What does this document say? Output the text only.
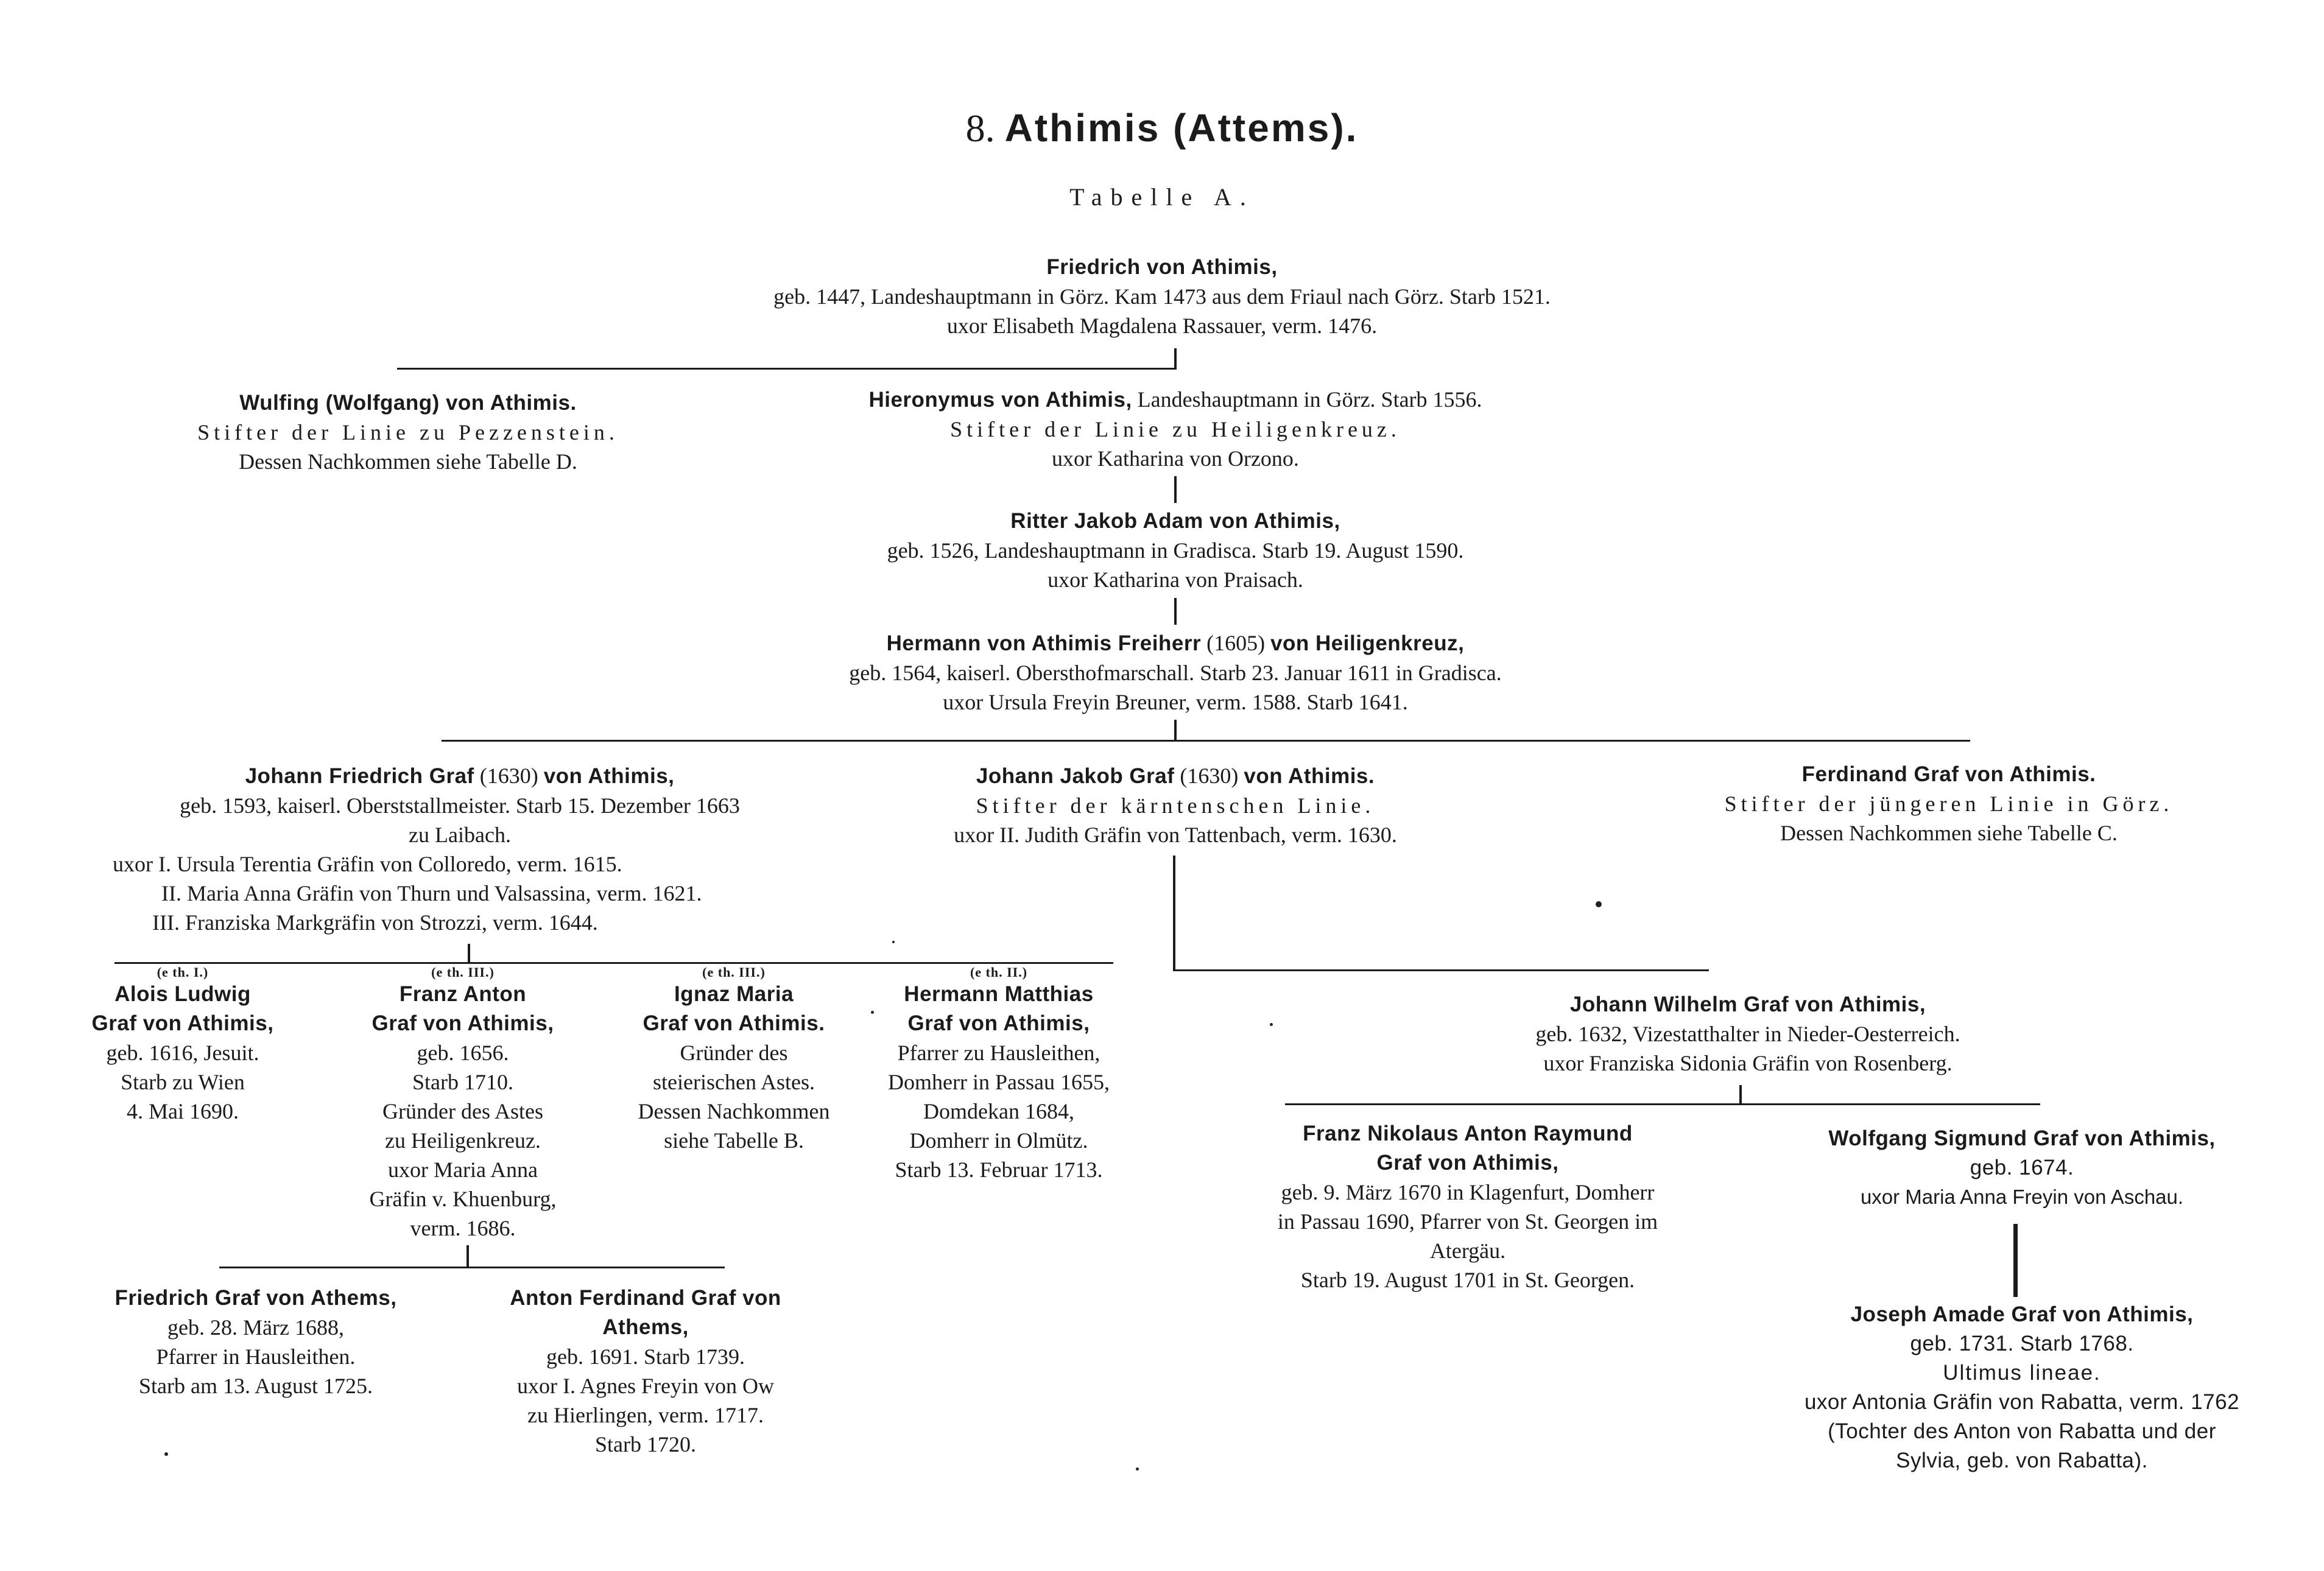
8. Athimis (Attems).
Tabelle A.
Friedrich von Athimis,
geb. 1447, Landeshauptmann in Görz. Kam 1473 aus dem Friaul nach Görz. Starb 1521.
uxor Elisabeth Magdalena Rassauer, verm. 1476.
Wulfing (Wolfgang) von Athimis.
Stifter der Linie zu Pezzenstein.
Dessen Nachkommen siehe Tabelle D.
Hieronymus von Athimis, Landeshauptmann in Görz. Starb 1556.
Stifter der Linie zu Heiligenkreuz.
uxor Katharina von Orzono.
Ritter Jakob Adam von Athimis,
geb. 1526, Landeshauptmann in Gradisca. Starb 19. August 1590.
uxor Katharina von Praisach.
Hermann von Athimis Freiherr (1605) von Heiligenkreuz,
geb. 1564, kaiserl. Obersthofmarschall. Starb 23. Januar 1611 in Gradisca.
uxor Ursula Freyin Breuner, verm. 1588. Starb 1641.
Johann Friedrich Graf (1630) von Athimis,
geb. 1593, kaiserl. Oberststallmeister. Starb 15. Dezember 1663
zu Laibach.
uxor I. Ursula Terentia Gräfin von Colloredo, verm. 1615.
II. Maria Anna Gräfin von Thurn und Valsassina, verm. 1621.
III. Franziska Markgräfin von Strozzi, verm. 1644.
Johann Jakob Graf (1630) von Athimis.
Stifter der kärntenschen Linie.
uxor II. Judith Gräfin von Tattenbach, verm. 1630.
Ferdinand Graf von Athimis.
Stifter der jüngeren Linie in Görz.
Dessen Nachkommen siehe Tabelle C.
(e th. I.)
Alois Ludwig
Graf von Athimis,
geb. 1616, Jesuit.
Starb zu Wien
4. Mai 1690.
(e th. III.)
Franz Anton
Graf von Athimis,
geb. 1656.
Starb 1710.
Gründer des Astes
zu Heiligenkreuz.
uxor Maria Anna
Gräfin v. Khuenburg,
verm. 1686.
(e th. III.)
Ignaz Maria
Graf von Athimis.
Gründer des
steierischen Astes.
Dessen Nachkommen
siehe Tabelle B.
(e th. II.)
Hermann Matthias
Graf von Athimis,
Pfarrer zu Hausleithen,
Domherr in Passau 1655,
Domdekan 1684,
Domherr in Olmütz.
Starb 13. Februar 1713.
Johann Wilhelm Graf von Athimis,
geb. 1632, Vizestatthalter in Nieder-Oesterreich.
uxor Franziska Sidonia Gräfin von Rosenberg.
Friedrich Graf von Athems,
geb. 28. März 1688,
Pfarrer in Hausleithen.
Starb am 13. August 1725.
Anton Ferdinand Graf von
Athems,
geb. 1691. Starb 1739.
uxor I. Agnes Freyin von Ow
zu Hierlingen, verm. 1717.
Starb 1720.
Franz Nikolaus Anton Raymund
Graf von Athimis,
geb. 9. März 1670 in Klagenfurt, Domherr
in Passau 1690, Pfarrer von St. Georgen im
Atergäu.
Starb 19. August 1701 in St. Georgen.
Wolfgang Sigmund Graf von Athimis,
geb. 1674.
uxor Maria Anna Freyin von Aschau.
Joseph Amade Graf von Athimis,
geb. 1731. Starb 1768.
Ultimus lineae.
uxor Antonia Gräfin von Rabatta, verm. 1762
(Tochter des Anton von Rabatta und der
Sylvia, geb. von Rabatta).
